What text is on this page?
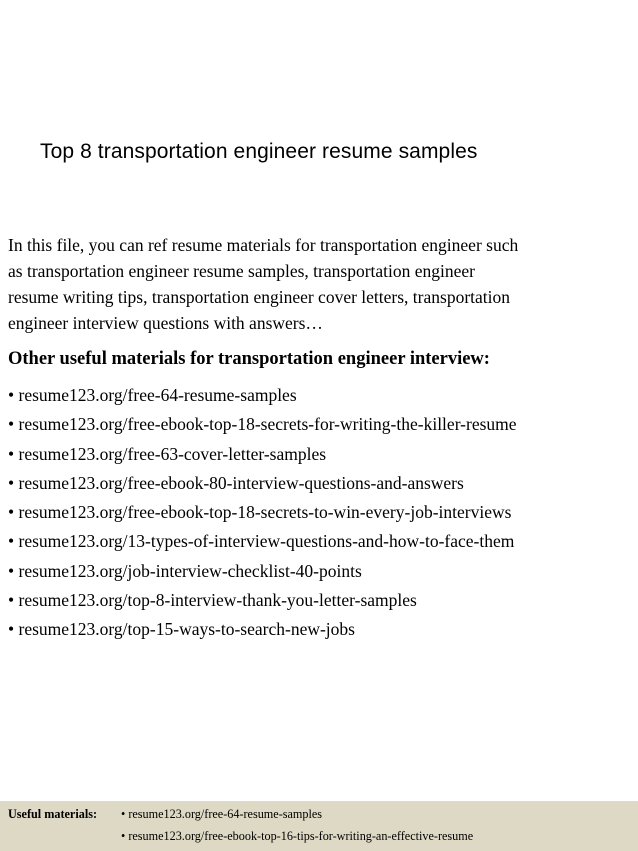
Top 8 transportation engineer resume samples
In this file, you can ref resume materials for transportation engineer such
as transportation engineer resume samples, transportation engineer
resume writing tips, transportation engineer cover letters, transportation
engineer interview questions with answers…
Other useful materials for transportation engineer interview:
• resume123.org/free-64-resume-samples
• resume123.org/free-ebook-top-18-secrets-for-writing-the-killer-resume
• resume123.org/free-63-cover-letter-samples
• resume123.org/free-ebook-80-interview-questions-and-answers
• resume123.org/free-ebook-top-18-secrets-to-win-every-job-interviews
• resume123.org/13-types-of-interview-questions-and-how-to-face-them
• resume123.org/job-interview-checklist-40-points
• resume123.org/top-8-interview-thank-you-letter-samples
• resume123.org/top-15-ways-to-search-new-jobs
Useful materials: • resume123.org/free-64-resume-samples
• resume123.org/free-ebook-top-16-tips-for-writing-an-effective-resume
